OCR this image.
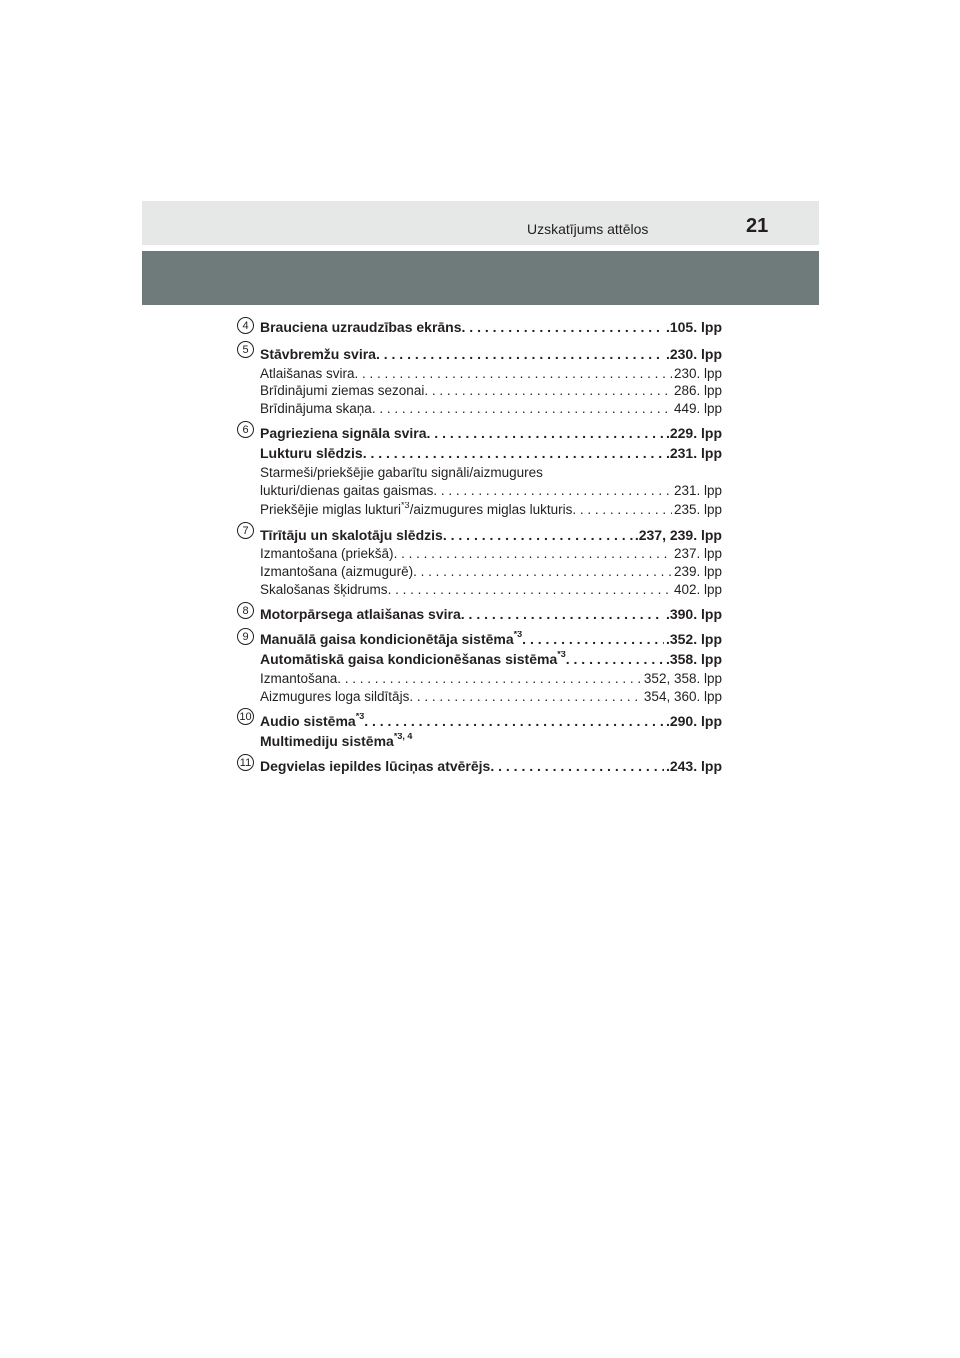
Uzskatījums attēlos	21
4 Brauciena uzraudzības ekrāns . . .	.105. lpp
5 Stāvbremžu svira . . .	.230. lpp
Atlaišanas svira . . .	230. lpp
Brīdinājumi ziemas sezonai . . .	286. lpp
Brīdinājuma skaņa . . .	449. lpp
6 Pagrieziena signāla svira . . .	.229. lpp
Lukturu slēdzis . . .	.231. lpp
Starmeši/priekšējie gabarītu signāli/aizmugures
lukturi/dienas gaitas gaismas . . .	231. lpp
Priekšējie miglas lukturi$^{*3}$/aizmugures miglas lukturis . . .	235. lpp
7 Tīrītāju un skalotāju slēdzis . . .	.237, 239. lpp
Izmantošana (priekšā) . . .	237. lpp
Izmantošana (aizmugurē) . . .	239. lpp
Skalošanas šķidrums . . .	402. lpp
8 Motorpārsega atlaišanas svira . . .	.390. lpp
9 Manuālā gaisa kondicionētāja sistēma$^{*3}$ . . .	.352. lpp
Automātiskā gaisa kondicionēšanas sistēma$^{*3}$ . . .	.358. lpp
Izmantošana . . .	352, 358. lpp
Aizmugures loga sildītājs . . .	354, 360. lpp
10 Audio sistēma$^{*3}$ . . .	.290. lpp
Multimediju sistēma$^{*3, 4}$
11 Degvielas iepildes lūciņas atvērējs . . .	.243. lpp
